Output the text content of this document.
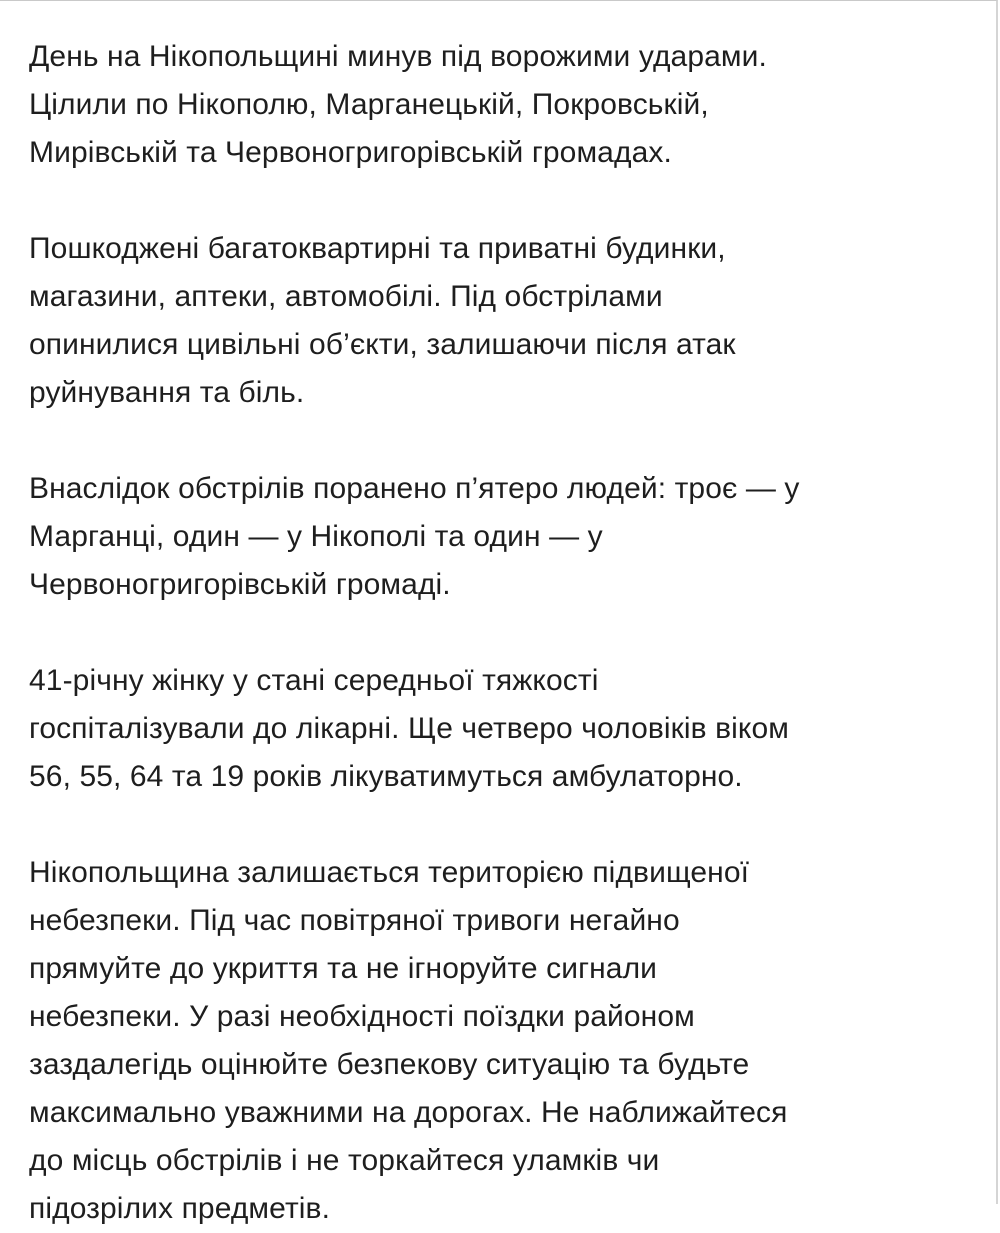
День на Нікопольщині минув під ворожими ударами.
Цілили по Нікополю, Марганецькій, Покровській,
Мирівській та Червоногригорівській громадах.

Пошкоджені багатоквартирні та приватні будинки,
магазини, аптеки, автомобілі. Під обстрілами
опинилися цивільні об’єкти, залишаючи після атак
руйнування та біль.

Внаслідок обстрілів поранено п’ятеро людей: троє — у
Марганці, один — у Нікополі та один — у
Червоногригорівській громаді.

41-річну жінку у стані середньої тяжкості
госпіталізували до лікарні. Ще четверо чоловіків віком
56, 55, 64 та 19 років лікуватимуться амбулаторно.

Нікопольщина залишається територією підвищеної
небезпеки. Під час повітряної тривоги негайно
прямуйте до укриття та не ігноруйте сигнали
небезпеки. У разі необхідності поїздки районом
заздалегідь оцінюйте безпекову ситуацію та будьте
максимально уважними на дорогах. Не наближайтеся
до місць обстрілів і не торкайтеся уламків чи
підозрілих предметів.
